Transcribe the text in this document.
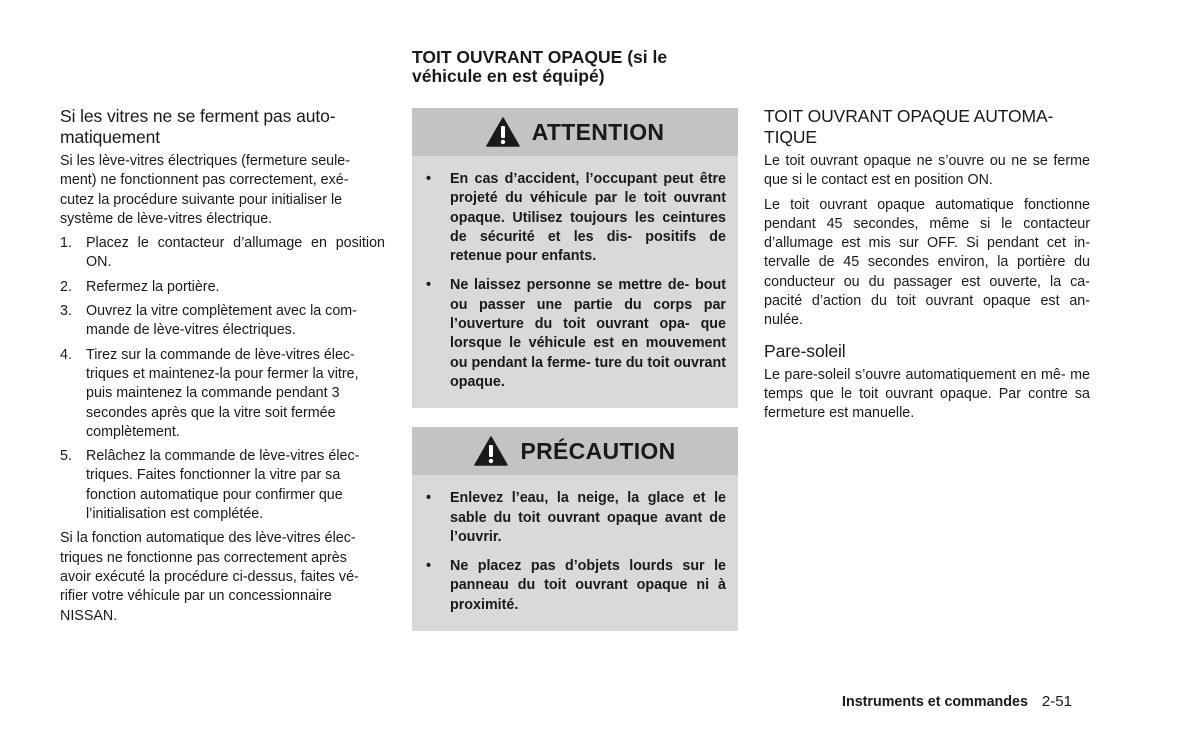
Si les vitres ne se ferment pas auto-
matiquement

Si les lève-vitres électriques (fermeture seule-
ment) ne fonctionnent pas correctement, exé-
cutez la procédure suivante pour initialiser le
système de lève-vitres électrique.

1. Placez le contacteur d’allumage en position ON.
2. Refermez la portière.
3. Ouvrez la vitre complètement avec la com-
mande de lève-vitres électriques.
4. Tirez sur la commande de lève-vitres élec-
triques et maintenez-la pour fermer la vitre,
puis maintenez la commande pendant 3
secondes après que la vitre soit fermée
complètement.
5. Relâchez la commande de lève-vitres élec-
triques. Faites fonctionner la vitre par sa
fonction automatique pour confirmer que
l’initialisation est complétée.

Si la fonction automatique des lève-vitres élec-
triques ne fonctionne pas correctement après
avoir exécuté la procédure ci-dessus, faites vé-
rifier votre véhicule par un concessionnaire
NISSAN.

TOIT OUVRANT OPAQUE (si le
véhicule en est équipé)
ATTENTION
• En cas d’accident, l’occupant peut être projeté du véhicule par le toit ouvrant opaque. Utilisez toujours les ceintures de sécurité et les dis- positifs de retenue pour enfants.
• Ne laissez personne se mettre de- bout ou passer une partie du corps par l’ouverture du toit ouvrant opa- que lorsque le véhicule est en mouvement ou pendant la ferme- ture du toit ouvrant opaque.
PRÉCAUTION
• Enlevez l’eau, la neige, la glace et le sable du toit ouvrant opaque avant de l’ouvrir.
• Ne placez pas d’objets lourds sur le panneau du toit ouvrant opaque ni à proximité.
TOIT OUVRANT OPAQUE AUTOMA-
TIQUE

Le toit ouvrant opaque ne s’ouvre ou ne se ferme que si le contact est en position ON.

Le toit ouvrant opaque automatique fonctionne pendant 45 secondes, même si le contacteur d’allumage est mis sur OFF. Si pendant cet in- tervalle de 45 secondes environ, la portière du conducteur ou du passager est ouverte, la ca- pacité d’action du toit ouvrant opaque est an- nulée.

Pare-soleil

Le pare-soleil s’ouvre automatiquement en mê- me temps que le toit ouvrant opaque. Par contre sa fermeture est manuelle.

Instruments et commandes 2-51
